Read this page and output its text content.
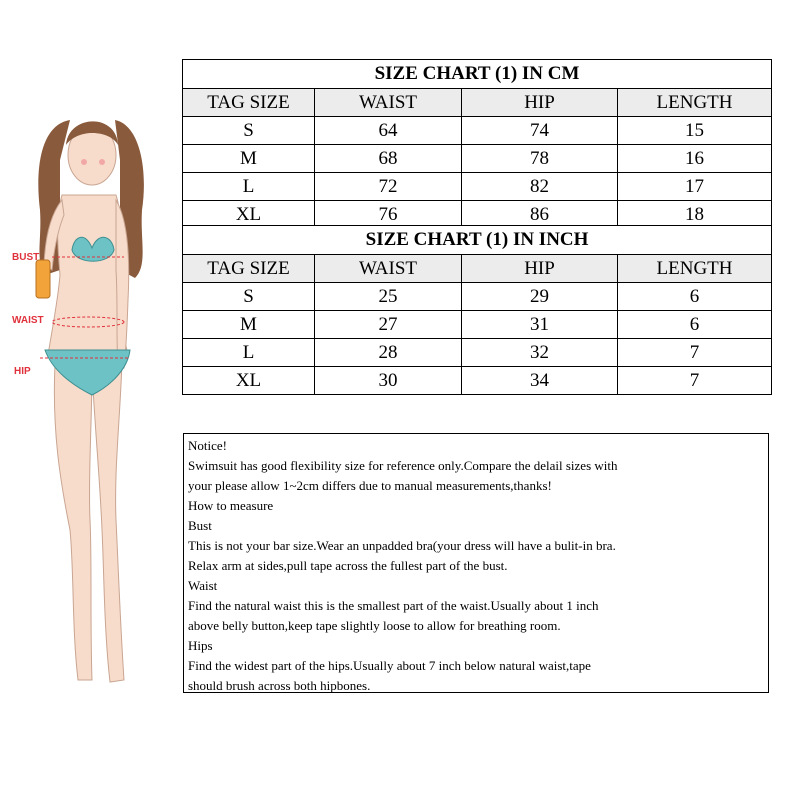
BUST
WAIST
HIP
SIZE CHART (1) IN CM			
TAG SIZE	WAIST	HIP	LENGTH
S	64	74	15
M	68	78	16
L	72	82	17
XL	76	86	18
SIZE CHART (1) IN INCH			
TAG SIZE	WAIST	HIP	LENGTH
S	25	29	6
M	27	31	6
L	28	32	7
XL	30	34	7
Notice!
Swimsuit has good flexibility size for reference only.Compare the delail sizes with
your please allow 1~2cm differs due to manual measurements,thanks!
How to measure
Bust
This is not your bar size.Wear an unpadded bra(your dress will have a bulit-in bra.
Relax arm at sides,pull tape across the fullest part of the bust.
Waist
Find the natural waist this is the smallest part of the waist.Usually about 1 inch
above belly button,keep tape slightly loose to allow for breathing room.
Hips
Find the widest part of the hips.Usually about 7 inch below natural waist,tape
should brush across both hipbones.
